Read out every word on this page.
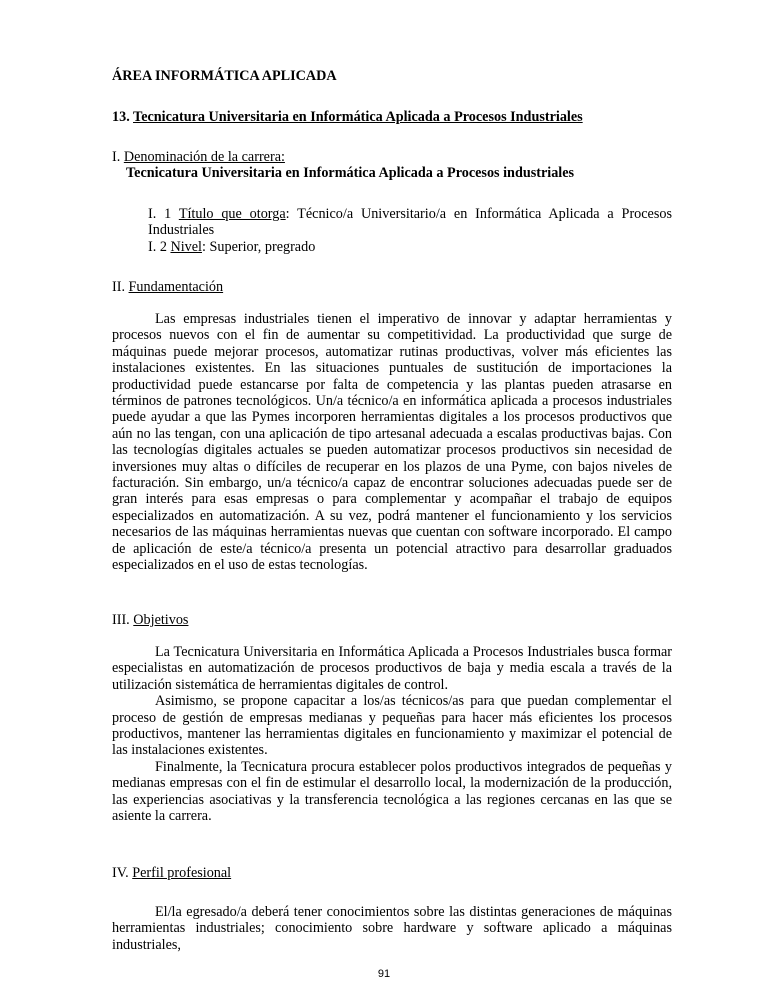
ÁREA INFORMÁTICA APLICADA

13. Tecnicatura Universitaria en Informática Aplicada a Procesos Industriales

I. Denominación de la carrera:
Tecnicatura Universitaria en Informática Aplicada a Procesos industriales
I. 1 Título que otorga: Técnico/a Universitario/a en Informática Aplicada a Procesos Industriales
I. 2 Nivel: Superior, pregrado

II. Fundamentación

Las empresas industriales tienen el imperativo de innovar y adaptar herramientas y procesos nuevos con el fin de aumentar su competitividad. La productividad que surge de máquinas puede mejorar procesos, automatizar rutinas productivas, volver más eficientes las instalaciones existentes. En las situaciones puntuales de sustitución de importaciones la productividad puede estancarse por falta de competencia y las plantas pueden atrasarse en términos de patrones tecnológicos. Un/a técnico/a en informática aplicada a procesos industriales puede ayudar a que las Pymes incorporen herramientas digitales a los procesos productivos que aún no las tengan, con una aplicación de tipo artesanal adecuada a escalas productivas bajas. Con las tecnologías digitales actuales se pueden automatizar procesos productivos sin necesidad de inversiones muy altas o difíciles de recuperar en los plazos de una Pyme, con bajos niveles de facturación. Sin embargo, un/a técnico/a capaz de encontrar soluciones adecuadas puede ser de gran interés para esas empresas o para complementar y acompañar el trabajo de equipos especializados en automatización. A su vez, podrá mantener el funcionamiento y los servicios necesarios de las máquinas herramientas nuevas que cuentan con software incorporado. El campo de aplicación de este/a técnico/a presenta un potencial atractivo para desarrollar graduados especializados en el uso de estas tecnologías.

III. Objetivos

La Tecnicatura Universitaria en Informática Aplicada a Procesos Industriales busca formar especialistas en automatización de procesos productivos de baja y media escala a través de la utilización sistemática de herramientas digitales de control.

Asimismo, se propone capacitar a los/as técnicos/as para que puedan complementar el proceso de gestión de empresas medianas y pequeñas para hacer más eficientes los procesos productivos, mantener las herramientas digitales en funcionamiento y maximizar el potencial de las instalaciones existentes.

Finalmente, la Tecnicatura procura establecer polos productivos integrados de pequeñas y medianas empresas con el fin de estimular el desarrollo local, la modernización de la producción, las experiencias asociativas y la transferencia tecnológica a las regiones cercanas en las que se asiente la carrera.

IV. Perfil profesional

El/la egresado/a deberá tener conocimientos sobre las distintas generaciones de máquinas herramientas industriales; conocimiento sobre hardware y software aplicado a máquinas industriales,

91
